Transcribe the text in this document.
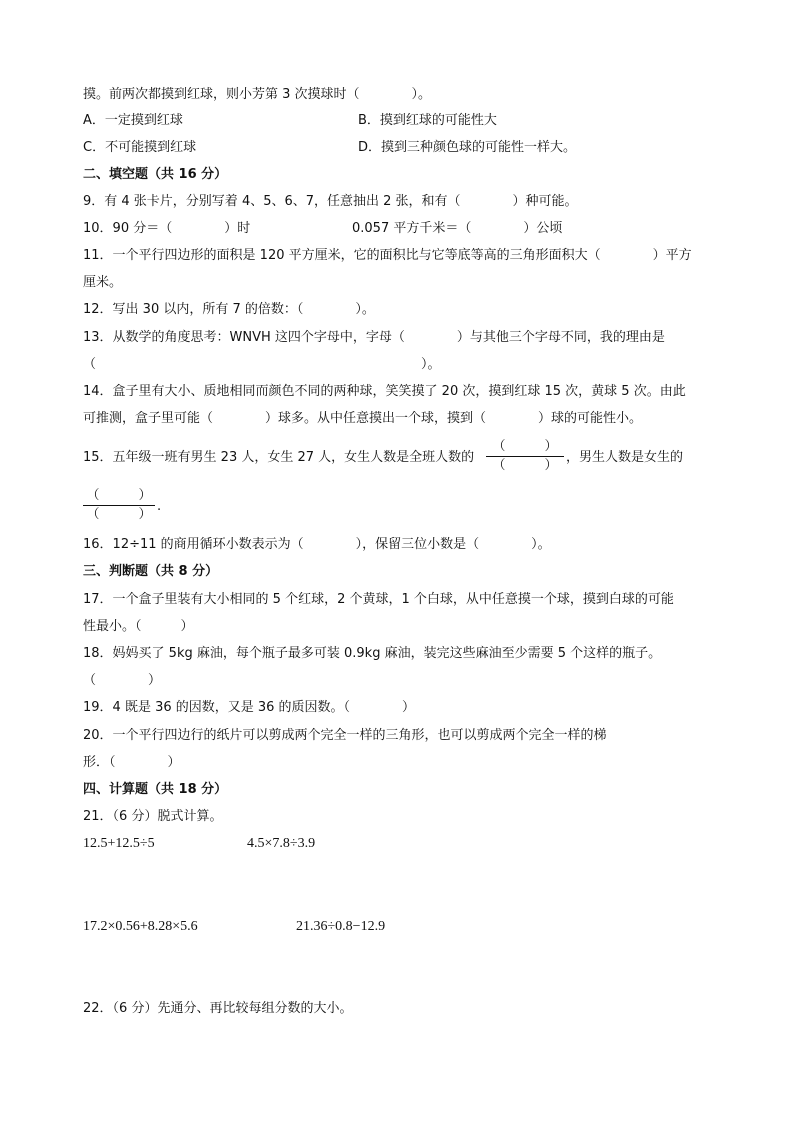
摸。前两次都摸到红球，则小芳第 3 次摸球时（　　　　）。
A．一定摸到红球	B．摸到红球的可能性大
C．不可能摸到红球	D．摸到三种颜色球的可能性一样大。
二、填空题（共 16 分）
9．有 4 张卡片，分别写着 4、5、6、7，任意抽出 2 张，和有（　　　　）种可能。
10．90 分＝（　　　　）时	0.057 平方千米＝（　　　　）公顷
11．一个平行四边形的面积是 120 平方厘米，它的面积比与它等底等高的三角形面积大（　　　　）平方
厘米。
12．写出 30 以内，所有 7 的倍数：（　　　　）。
13．从数学的角度思考：WNVH 这四个字母中，字母（　　　　）与其他三个字母不同，我的理由是
（　　　　　　　　　　　　　　　　　　　　　　　　　）。
14．盒子里有大小、质地相同而颜色不同的两种球，笑笑摸了 20 次，摸到红球 15 次，黄球 5 次。由此
可推测，盒子里可能（　　　　）球多。从中任意摸出一个球，摸到（　　　　）球的可能性小。
15．五年级一班有男生 23 人，女生 27 人，女生人数是全班人数的
（　　　）
（　　　）
，男生人数是女生的
（　　　）
（　　　）
.
16．12÷11 的商用循环小数表示为（　　　　），保留三位小数是（　　　　）。
三、判断题（共 8 分）
17．一个盒子里装有大小相同的 5 个红球，2 个黄球，1 个白球，从中任意摸一个球，摸到白球的可能
性最小。（　　　）
18．妈妈买了 5kg 麻油，每个瓶子最多可装 0.9kg 麻油，装完这些麻油至少需要 5 个这样的瓶子。
（　　　　）
19．4 既是 36 的因数，又是 36 的质因数。（　　　　）
20．一个平行四边行的纸片可以剪成两个完全一样的三角形，也可以剪成两个完全一样的梯
形．（　　　　）
四、计算题（共 18 分）
21．（6 分）脱式计算。
12.5+12.5÷5	4.5×7.8÷3.9
17.2×0.56+8.28×5.6	21.36÷0.8−12.9
22．（6 分）先通分、再比较每组分数的大小。
